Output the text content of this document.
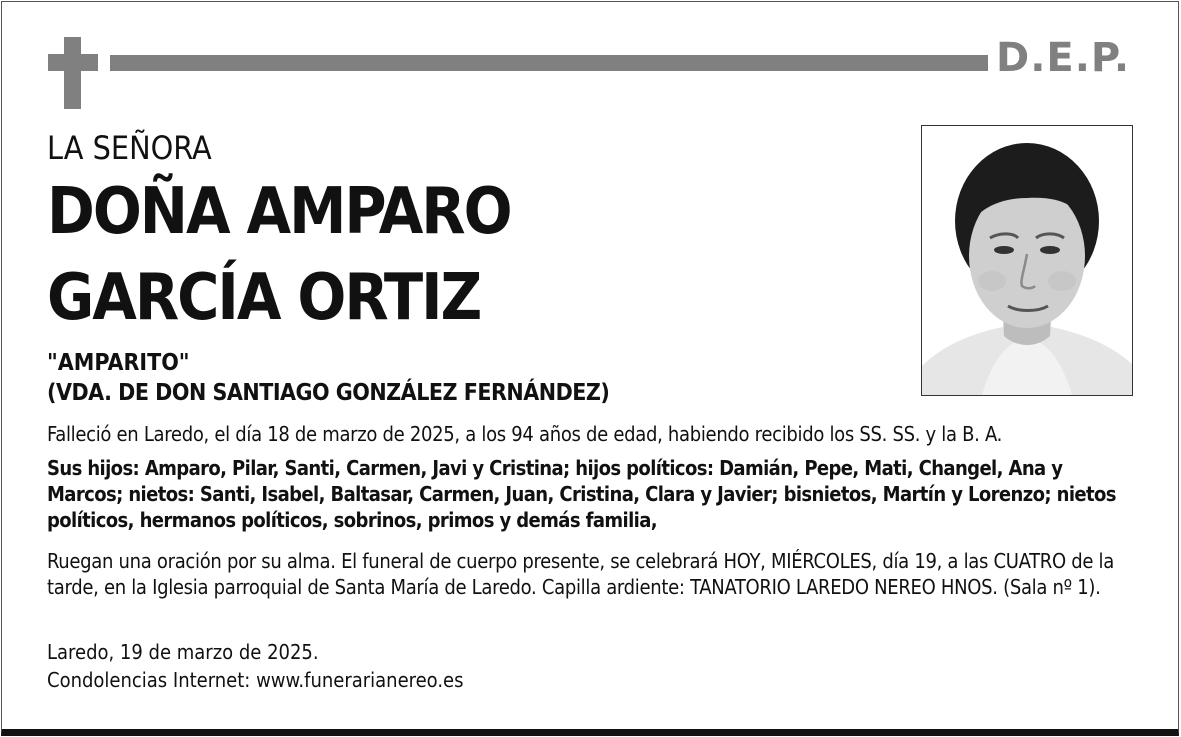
D.E.P.
LA SEÑORA
DOÑA AMPARO
GARCÍA ORTIZ
"AMPARITO"
(VDA. DE DON SANTIAGO GONZÁLEZ FERNÁNDEZ)

Falleció en Laredo, el día 18 de marzo de 2025, a los 94 años de edad, habiendo recibido los SS. SS. y la B. A.

Sus hijos: Amparo, Pilar, Santi, Carmen, Javi y Cristina; hijos políticos: Damián, Pepe, Mati, Changel, Ana y Marcos; nietos: Santi, Isabel, Baltasar, Carmen, Juan, Cristina, Clara y Javier; bisnietos, Martín y Lorenzo; nietos políticos, hermanos políticos, sobrinos, primos y demás familia,

Ruegan una oración por su alma. El funeral de cuerpo presente, se celebrará HOY, MIÉRCOLES, día 19, a las CUATRO de la tarde, en la Iglesia parroquial de Santa María de Laredo. Capilla ardiente: TANATORIO LAREDO NEREO HNOS. (Sala nº 1).

Laredo, 19 de marzo de 2025.

Condolencias Internet: www.funerarianereo.es
